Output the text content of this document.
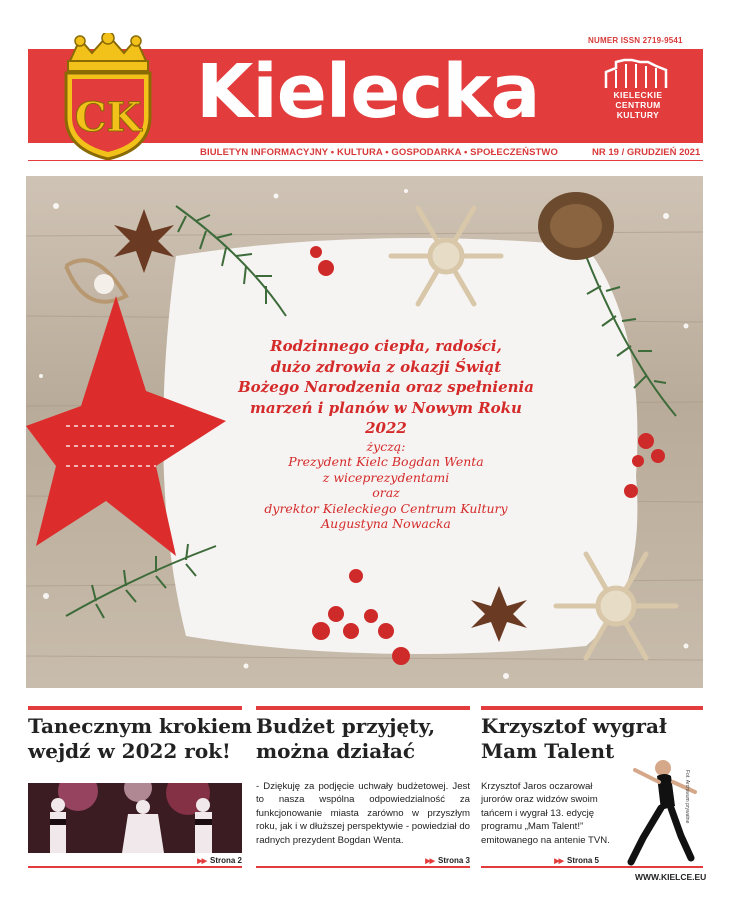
NUMER ISSN 2719-9541
CK Kielecka	KIELECKIE
CENTRUM
KULTURY
BIULETYN INFORMACYJNY • KULTURA • GOSPODARKA • SPOŁECZEŃSTWO	NR 19 / GRUDZIEŃ 2021
Rodzinnego ciepła, radości,
dużo zdrowia z okazji Świąt
Bożego Narodzenia oraz spełnienia
marzeń i planów w Nowym Roku 2022
życzą:
Prezydent Kielc Bogdan Wenta
z wiceprezydentami
oraz
dyrektor Kieleckiego Centrum Kultury
Augustyna Nowacka
Tanecznym krokiem
wejdź w 2022 rok!
▶▶ Strona 2
Budżet przyjęty,
można działać

- Dziękuję za podjęcie uchwały budżetowej. Jest to nasza wspólna odpowiedzialność za funkcjonowanie miasta zarówno w przyszłym roku, jak i w dłuższej perspektywie - powiedział do radnych prezydent Bogdan Wenta.

▶▶ Strona 3
Krzysztof wygrał
Mam Talent

Krzysztof Jaros oczarował jurorów oraz widzów swoim tańcem i wygrał 13. edycję programu „Mam Talent!” emitowanego na antenie TVN.

▶▶ Strona 5
Fot. Archiwum prywatne
WWW.KIELCE.EU
